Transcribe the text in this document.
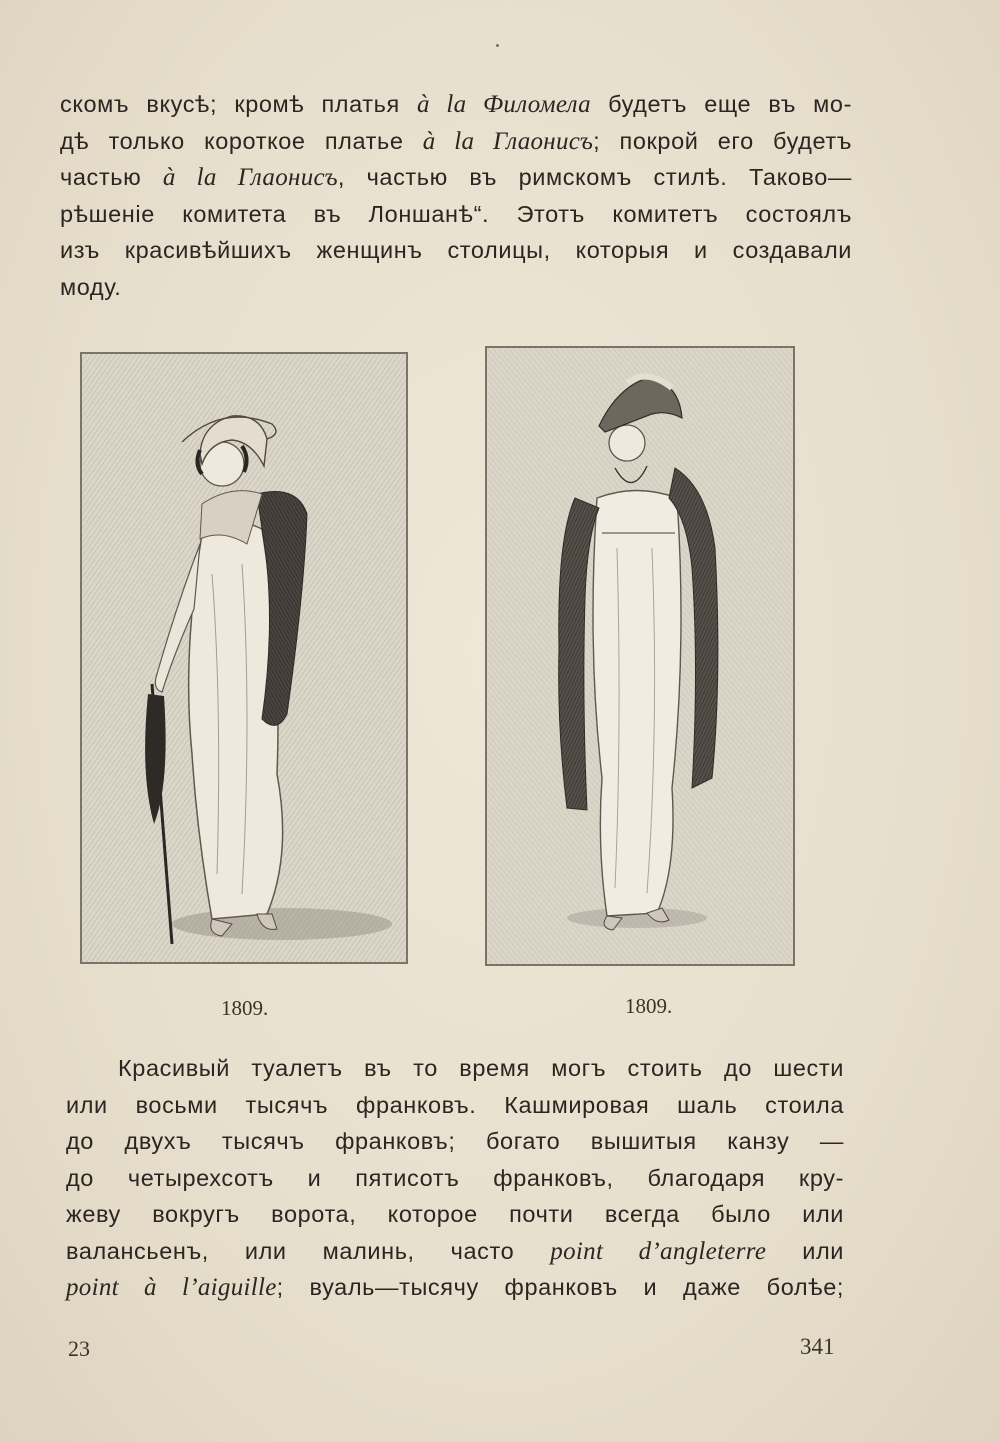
скомъ вкусѣ; кромѣ платья à la Филомела будетъ еще въ мо-
дѣ только короткое платье à la Глаонисъ; покрой его будетъ
частью à la Глаонисъ, частью въ римскомъ стилѣ. Таково—
рѣшеніе комитета въ Лоншанѣ“. Этотъ комитетъ состоялъ
изъ красивѣйшихъ женщинъ столицы, которыя и создавали
моду.
1809.	1809.
Красивый туалетъ въ то время могъ стоить до шести
или восьми тысячъ франковъ. Кашмировая шаль стоила
до двухъ тысячъ франковъ; богато вышитыя канзу —
до четырехсотъ и пятисотъ франковъ, благодаря кру-
жеву вокругъ ворота, которое почти всегда было или
валансьенъ, или малинь, часто point d’angleterre или
point à l’aiguille; вуаль—тысячу франковъ и даже болѣе;
23	341
